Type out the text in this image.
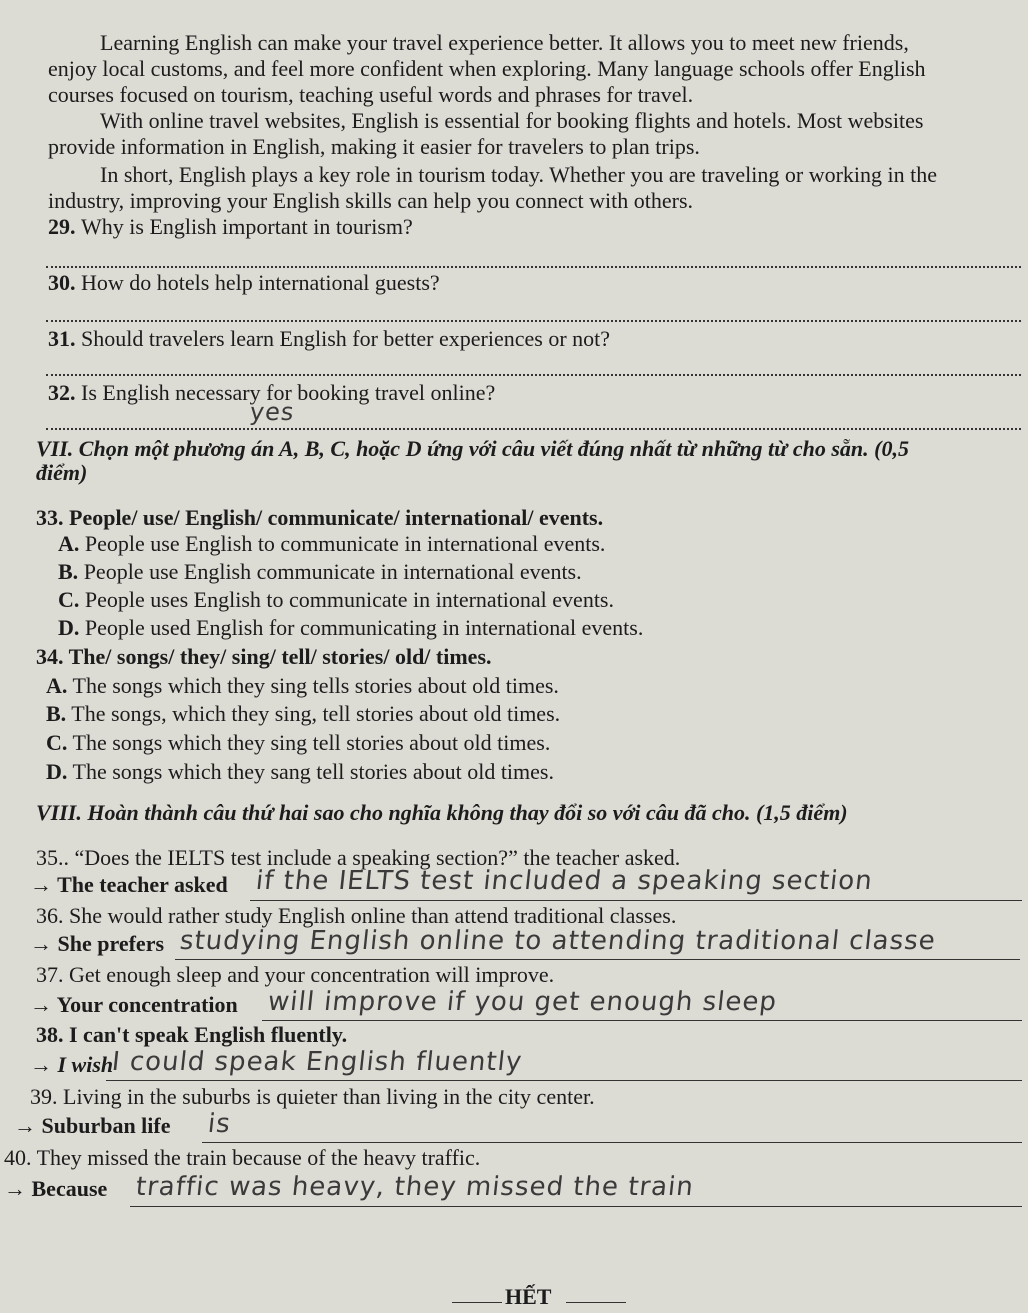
Learning English can make your travel experience better. It allows you to meet new friends,
enjoy local customs, and feel more confident when exploring. Many language schools offer English
courses focused on tourism, teaching useful words and phrases for travel.
With online travel websites, English is essential for booking flights and hotels. Most websites
provide information in English, making it easier for travelers to plan trips.
In short, English plays a key role in tourism today. Whether you are traveling or working in the
industry, improving your English skills can help you connect with others.
29. Why is English important in tourism?
30. How do hotels help international guests?
31. Should travelers learn English for better experiences or not?
32. Is English necessary for booking travel online?
yes
VII. Chọn một phương án A, B, C, hoặc D ứng với câu viết đúng nhất từ những từ cho sẵn. (0,5
điểm)
33. People/ use/ English/ communicate/ international/ events.
A. People use English to communicate in international events.
B. People use English communicate in international events.
C. People uses English to communicate in international events.
D. People used English for communicating in international events.
34. The/ songs/ they/ sing/ tell/ stories/ old/ times.
A. The songs which they sing tells stories about old times.
B. The songs, which they sing, tell stories about old times.
C. The songs which they sing tell stories about old times.
D. The songs which they sang tell stories about old times.
VIII. Hoàn thành câu thứ hai sao cho nghĩa không thay đổi so với câu đã cho. (1,5 điểm)
35.. “Does the IELTS test include a speaking section?” the teacher asked.
→ The teacher asked if the IELTS test included a speaking section
36. She would rather study English online than attend traditional classes.
→ She prefers studying English online to attending traditional classe
37. Get enough sleep and your concentration will improve.
→ Your concentration will improve if you get enough sleep
38. I can't speak English fluently.
→ I wish
I could speak English fluently
39. Living in the suburbs is quieter than living in the city center.
→ Suburban life is
40. They missed the train because of the heavy traffic.
→ Because traffic was heavy, they missed the train
HẾT
